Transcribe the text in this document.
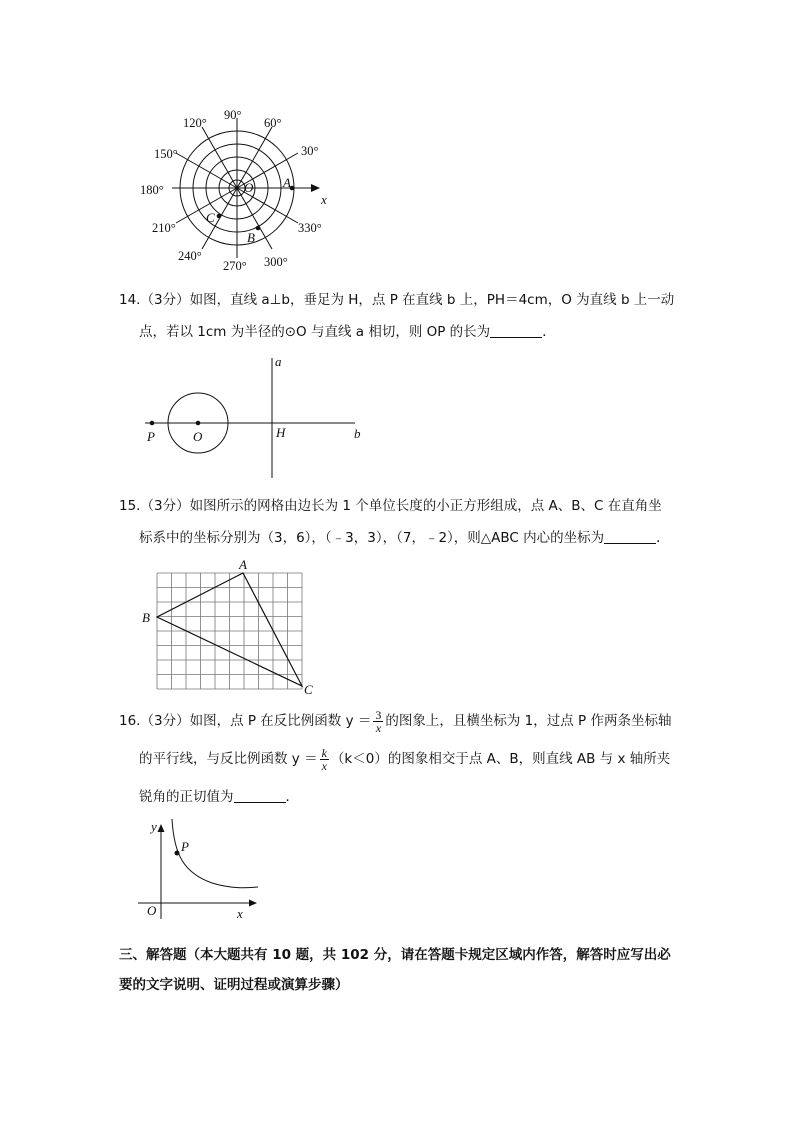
90°
60°
30°
120°
150°
180°
210°
240°
270° 300°
330°
O
x
A
B
C
14.（3分）如图，直线 a⊥b，垂足为 H，点 P 在直线 b 上，PH＝4cm，O 为直线 b 上一动
点，若以 1cm 为半径的⊙O 与直线 a 相切，则 OP 的长为	．
a
b
P	O	H
15.（3分）如图所示的网格由边长为 1 个单位长度的小正方形组成，点 A、B、C 在直角坐
标系中的坐标分别为（3，6），（﹣3，3），（7，﹣2），则△ABC 内心的坐标为	．
A
B
C
16.（3分）如图，点 P 在反比例函数 $y = \frac{3}{x}$ 的图象上，且横坐标为 1，过点 P 作两条坐标轴
的平行线，与反比例函数 $y = \frac{k}{x} (k<0)$的图象相交于点 A、B，则直线 AB 与 x 轴所夹
锐角的正切值为	．
y
x
O
P
三、解答题（本大题共有 10 题，共 102 分，请在答题卡规定区域内作答，解答时应写出必
要的文字说明、证明过程或演算步骤）
